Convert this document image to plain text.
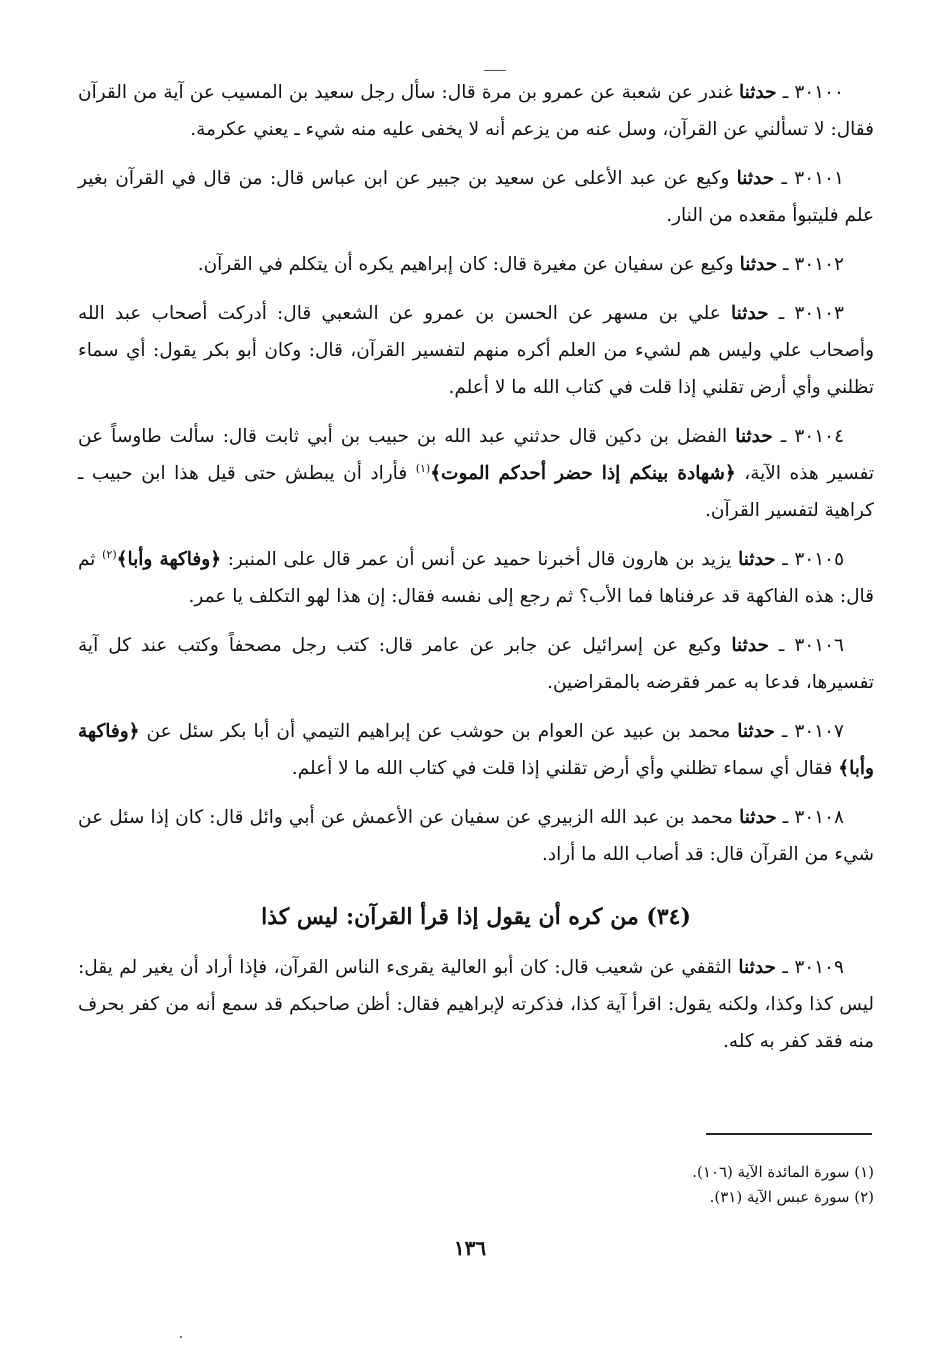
٣٠١٠٠ ـ حدثنا غندر عن شعبة عن عمرو بن مرة قال: سأل رجل سعيد بن المسيب عن آية من القرآن فقال: لا تسألني عن القرآن، وسل عنه من يزعم أنه لا يخفى عليه منه شيء ـ يعني عكرمة.

٣٠١٠١ ـ حدثنا وكيع عن عبد الأعلى عن سعيد بن جبير عن ابن عباس قال: من قال في القرآن بغير علم فليتبوأ مقعده من النار.

٣٠١٠٢ ـ حدثنا وكيع عن سفيان عن مغيرة قال: كان إبراهيم يكره أن يتكلم في القرآن.

٣٠١٠٣ ـ حدثنا علي بن مسهر عن الحسن بن عمرو عن الشعبي قال: أدركت أصحاب عبد الله وأصحاب علي وليس هم لشيء من العلم أكره منهم لتفسير القرآن، قال: وكان أبو بكر يقول: أي سماء تظلني وأي أرض تقلني إذا قلت في كتاب الله ما لا أعلم.

٣٠١٠٤ ـ حدثنا الفضل بن دكين قال حدثني عبد الله بن حبيب بن أبي ثابت قال: سألت طاوساً عن تفسير هذه الآية، ﴿شهادة بينكم إذا حضر أحدكم الموت﴾$^{(١)}$ فأراد أن يبطش حتى قيل هذا ابن حبيب ـ كراهية لتفسير القرآن.

٣٠١٠٥ ـ حدثنا يزيد بن هارون قال أخبرنا حميد عن أنس أن عمر قال على المنبر: ﴿وفاكهة وأبا﴾$^{(٢)}$ ثم قال: هذه الفاكهة قد عرفناها فما الأب؟ ثم رجع إلى نفسه فقال: إن هذا لهو التكلف يا عمر.

٣٠١٠٦ ـ حدثنا وكيع عن إسرائيل عن جابر عن عامر قال: كتب رجل مصحفاً وكتب عند كل آية تفسيرها، فدعا به عمر فقرضه بالمقراضين.

٣٠١٠٧ ـ حدثنا محمد بن عبيد عن العوام بن حوشب عن إبراهيم التيمي أن أبا بكر سئل عن ﴿وفاكهة وأبا﴾ فقال أي سماء تظلني وأي أرض تقلني إذا قلت في كتاب الله ما لا أعلم.

٣٠١٠٨ ـ حدثنا محمد بن عبد الله الزبيري عن سفيان عن الأعمش عن أبي وائل قال: كان إذا سئل عن شيء من القرآن قال: قد أصاب الله ما أراد.

(٣٤) من كره أن يقول إذا قرأ القرآن: ليس كذا

٣٠١٠٩ ـ حدثنا الثقفي عن شعيب قال: كان أبو العالية يقرىء الناس القرآن، فإذا أراد أن يغير لم يقل: ليس كذا وكذا، ولكنه يقول: اقرأ آية كذا، فذكرته لإبراهيم فقال: أظن صاحبكم قد سمع أنه من كفر بحرف منه فقد كفر به كله.

(١) سورة المائدة الآية (١٠٦).

(٢) سورة عبس الآية (٣١).

١٣٦
